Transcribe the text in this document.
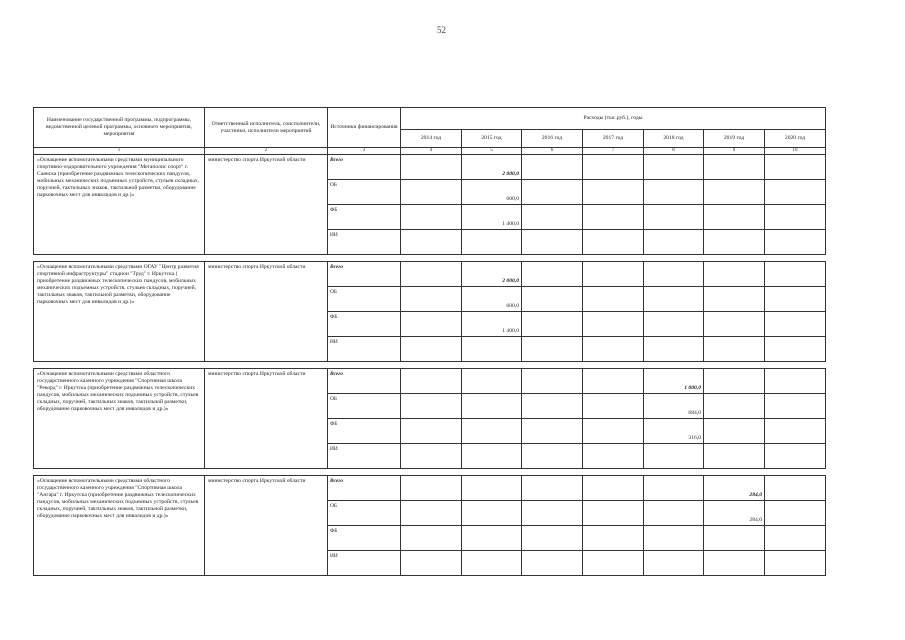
52
Наименование государственной программы, подпрограммы, ведомственной целевой программы, основного мероприятия, мероприятия	Ответственный исполнитель, соисполнители, участники, исполнители мероприятий	Источники финансирования	Расходы (тыс.руб.), годы						
			2014 год	2015 год	2016 год	2017 год	2018 год	2019 год	2020 год
1	2	3	4	5	6	7	8	9	10
«Оснащение вспомогательными средствами муниципального спортивно-оздоровительного учреждения "Мегаполис спорт" г. Саянска (приобретение раздвижных телескопических пандусов, мобильных механических подъемных устройств, стульев складных, поручней, тактильных знаков, тактильной разметки, оборудование парковочных мест для инвалидов и др.)»	министерство спорта Иркутской области	Всего		2 000,0					
		ОБ		600,0					
		ФБ		1 400,0					
		ИИ							

«Оснащение вспомогательными средствами ОГАУ "Центр развития спортивной инфраструктуры" стадион "Труд" г. Иркутска ( приобретение раздвижных телескопических пандусов, мобильных механических подъемных устройств, стульев складных, поручней, тактильных знаков, тактильной разметки, оборудование парковочных мест для инвалидов и др.)»	министерство спорта Иркутской области	Всего		2 000,0					
		ОБ		600,0					
		ФБ		1 400,0					
		ИИ							

«Оснащение вспомогательными средствами областного государственного казенного учреждения "Спортивная школа "Рекорд" г. Иркутска (приобретение раздвижных телескопических пандусов, мобильных механических подъемных устройств, стульев складных, поручней, тактильных знаков, тактильной разметки, оборудование парковочных мест для инвалидов и др.)»	министерство спорта Иркутской области	Всего					1 000,0		
		ОБ					684,0		
		ФБ					316,0		
		ИИ							

«Оснащение вспомогательными средствами областного государственного казенного учреждения "Спортивная школа "Ангара" г. Иркутска (приобретение раздвижных телескопических пандусов, мобильных механических подъемных устройств, стульев складных, поручней, тактильных знаков, тактильной разметки, оборудование парковочных мест для инвалидов и др.)»	министерство спорта Иркутской области	Всего						284,0	
		ОБ						284,0	
		ФБ							
		ИИ							
